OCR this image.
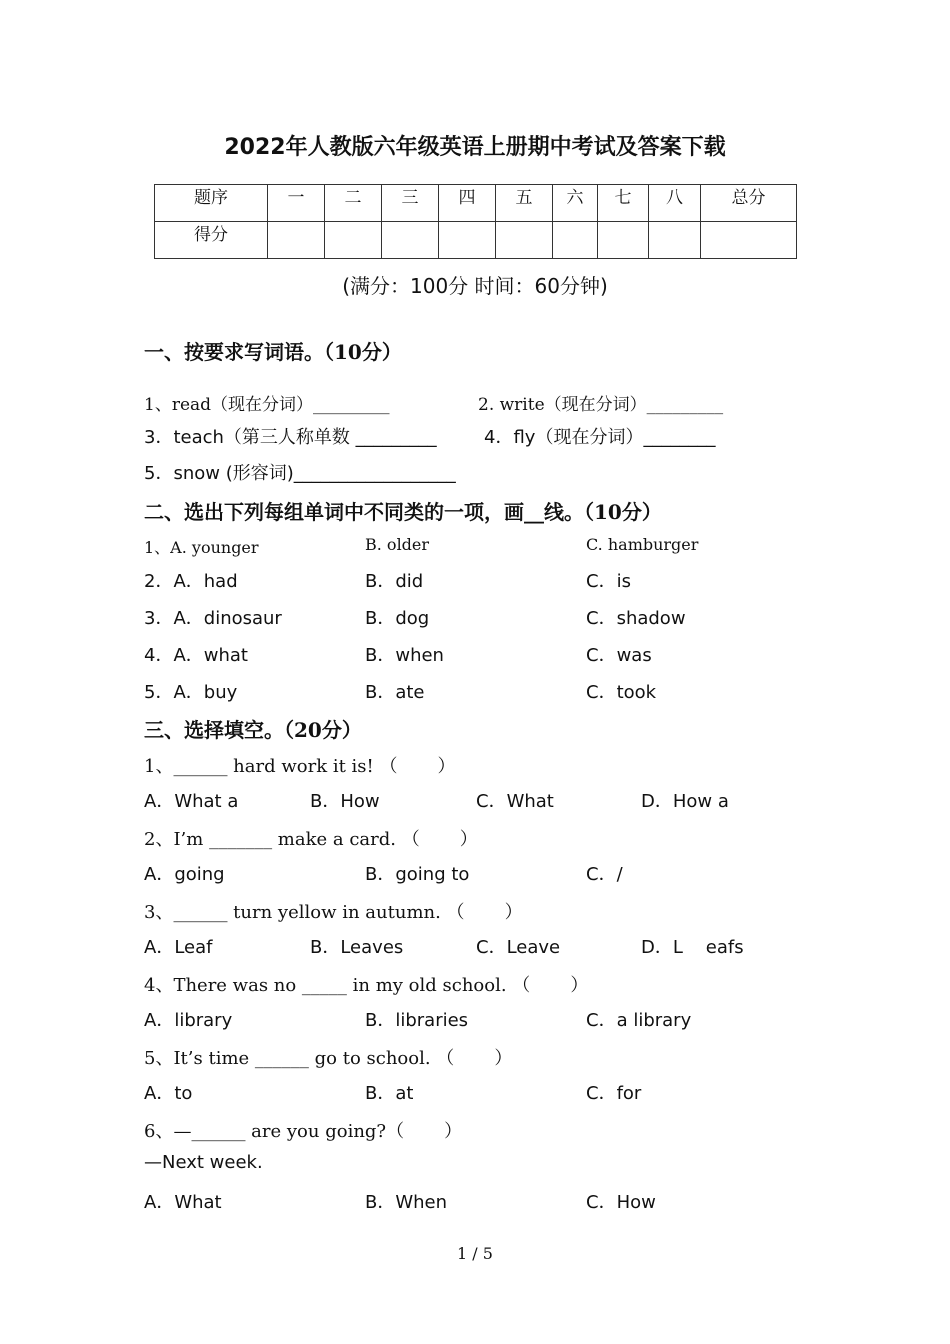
2022年人教版六年级英语上册期中考试及答案下载
题序	一	二	三	四	五	六	七	八	总分
得分									
(满分：100分 时间：60分钟)
一、按要求写词语。（10分）
1、read（现在分词）_________	2. write（现在分词）_________
3．teach（第三人称单数 _________	4．fly（现在分词）________
5．snow (形容词)__________________
二、选出下列每组单词中不同类的一项，画__线。（10分）
1、A. younger	B. older	C. hamburger
2．A．had	B．did	C．is
3．A．dinosaur	B．dog	C．shadow
4．A．what	B．when	C．was
5．A．buy	B．ate	C．took
三、选择填空。（20分）
1、______ hard work it is! （       ）
A．What a	B．How	C．What	D．How a
2、I’m _______ make a card. （       ）
A．going	B．going to	C．/
3、______ turn yellow in autumn. （       ）
A．Leaf	B．Leaves	C．Leave	D．L    eafs
4、There was no _____ in my old school. （       ）
A．library	B．libraries	C．a library
5、It’s time ______ go to school. （       ）
A．to	B．at	C．for
6、—______ are you going?（       ）
—Next week.
A．What	B．When	C．How
1 / 5
